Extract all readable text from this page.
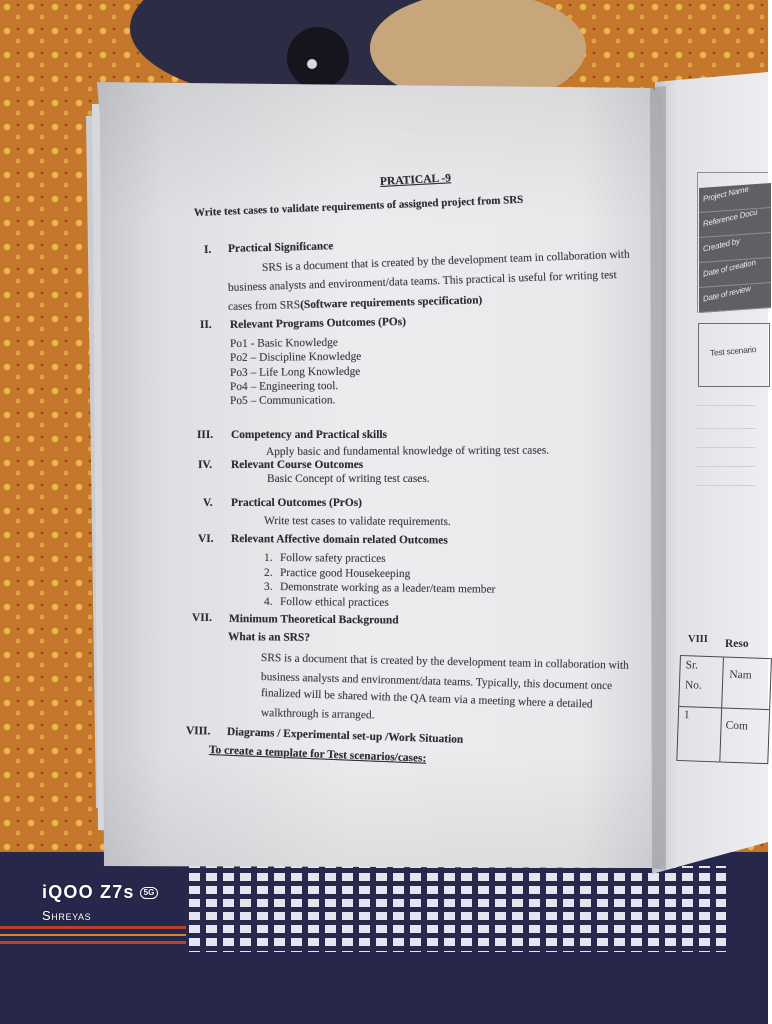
Project Name
Reference Docu
Created by
Date of creation
Date of review
Test scenario
VIII Reso
Sr.
No.
Nam
1
Com
PRATICAL -9
Write test cases to validate requirements of assigned project from SRS
I. Practical Significance
SRS is a document that is created by the development team in collaboration with
business analysts and environment/data teams. This practical is useful for writing test
cases from SRS(Software requirements specification)
II. Relevant Programs Outcomes (POs)
Po1 - Basic Knowledge
Po2 – Discipline Knowledge
Po3 – Life Long Knowledge
Po4 – Engineering tool.
Po5 – Communication.
III. Competency and Practical skills
Apply basic and fundamental knowledge of writing test cases.
IV. Relevant Course Outcomes
Basic Concept of writing test cases.
V. Practical Outcomes (PrOs)
Write test cases to validate requirements.
VI. Relevant Affective domain related Outcomes
1. Follow safety practices
2. Practice good Housekeeping
3. Demonstrate working as a leader/team member
4. Follow ethical practices
VII. Minimum Theoretical Background
What is an SRS?
SRS is a document that is created by the development team in collaboration with
business analysts and environment/data teams. Typically, this document once
finalized will be shared with the QA team via a meeting where a detailed
walkthrough is arranged.
VIII. Diagrams / Experimental set-up /Work Situation
To create a template for Test scenarios/cases:
iQOO Z7s 5G
Shreyas
